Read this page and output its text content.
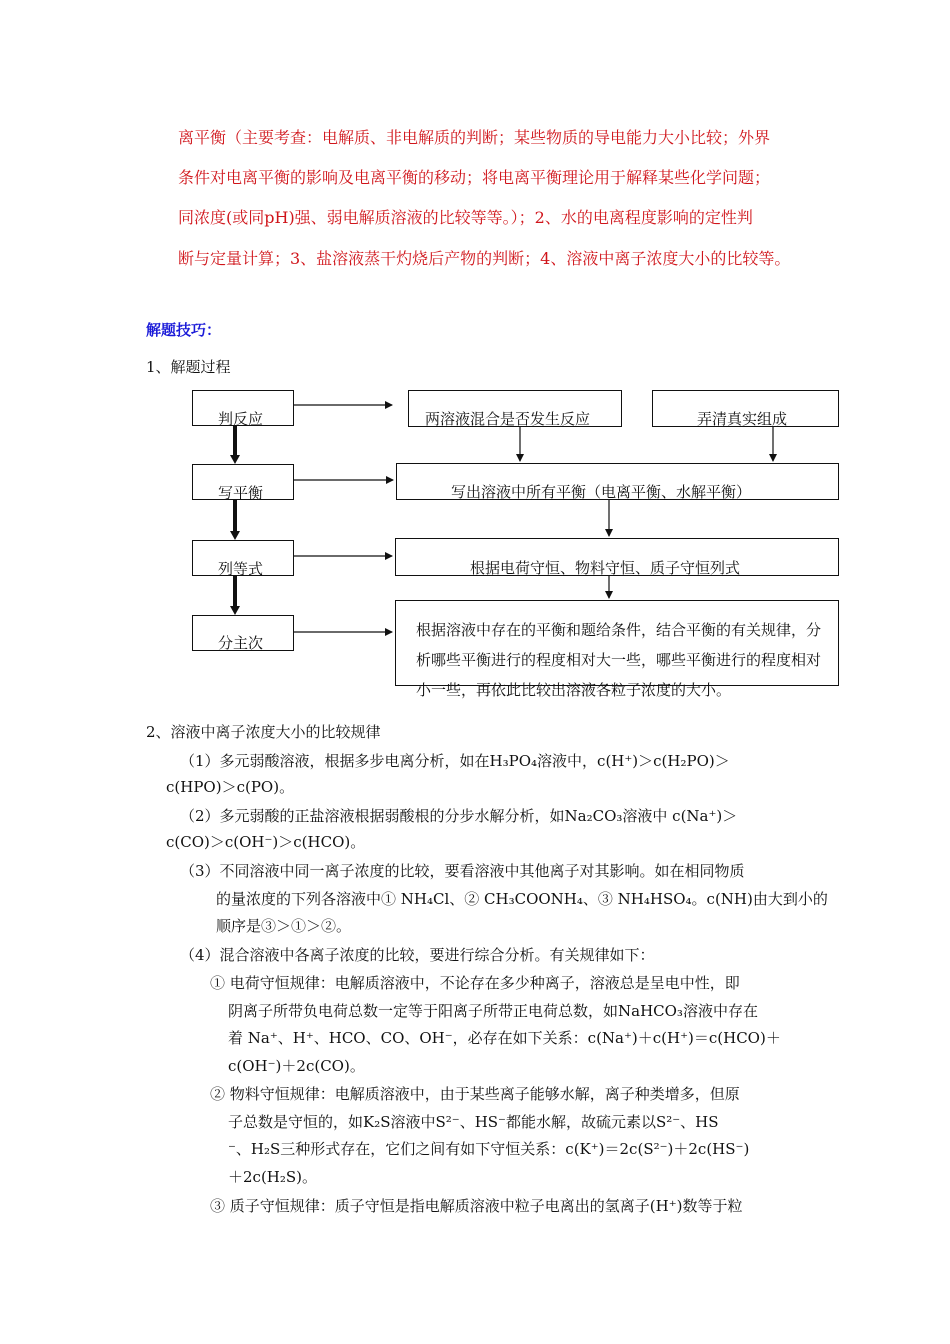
离平衡（主要考查：电解质、非电解质的判断；某些物质的导电能力大小比较；外界
条件对电离平衡的影响及电离平衡的移动；将电离平衡理论用于解释某些化学问题；
同浓度(或同pH)强、弱电解质溶液的比较等等。）；2、水的电离程度影响的定性判
断与定量计算；3、盐溶液蒸干灼烧后产物的判断；4、溶液中离子浓度大小的比较等。
解题技巧：
1、解题过程
判反应
写平衡
列等式
分主次
两溶液混合是否发生反应	弄清真实组成
写出溶液中所有平衡（电离平衡、水解平衡）
根据电荷守恒、物料守恒、质子守恒列式
根据溶液中存在的平衡和题给条件，结合平衡的有关规律，分析哪些平衡进行的程度相对大一些，哪些平衡进行的程度相对小一些，再依此比较出溶液各粒子浓度的大小。
2、溶液中离子浓度大小的比较规律
（1）多元弱酸溶液，根据多步电离分析，如在H₃PO₄溶液中，c(H⁺)＞c(H₂PO)＞
c(HPO)＞c(PO)。
（2）多元弱酸的正盐溶液根据弱酸根的分步水解分析，如Na₂CO₃溶液中 c(Na⁺)＞
c(CO)＞c(OH⁻)＞c(HCO)。
（3）不同溶液中同一离子浓度的比较，要看溶液中其他离子对其影响。如在相同物质
的量浓度的下列各溶液中① NH₄Cl、② CH₃COONH₄、③ NH₄HSO₄。c(NH)由大到小的
顺序是③＞①＞②。
（4）混合溶液中各离子浓度的比较，要进行综合分析。有关规律如下：
① 电荷守恒规律：电解质溶液中，不论存在多少种离子，溶液总是呈电中性，即
阴离子所带负电荷总数一定等于阳离子所带正电荷总数，如NaHCO₃溶液中存在
着 Na⁺、H⁺、HCO、CO、OH⁻，必存在如下关系：c(Na⁺)＋c(H⁺)＝c(HCO)＋
c(OH⁻)＋2c(CO)。
② 物料守恒规律：电解质溶液中，由于某些离子能够水解，离子种类增多，但原
子总数是守恒的，如K₂S溶液中S²⁻、HS⁻都能水解，故硫元素以S²⁻、HS
⁻、H₂S三种形式存在，它们之间有如下守恒关系：c(K⁺)＝2c(S²⁻)＋2c(HS⁻)
＋2c(H₂S)。
③ 质子守恒规律：质子守恒是指电解质溶液中粒子电离出的氢离子(H⁺)数等于粒
